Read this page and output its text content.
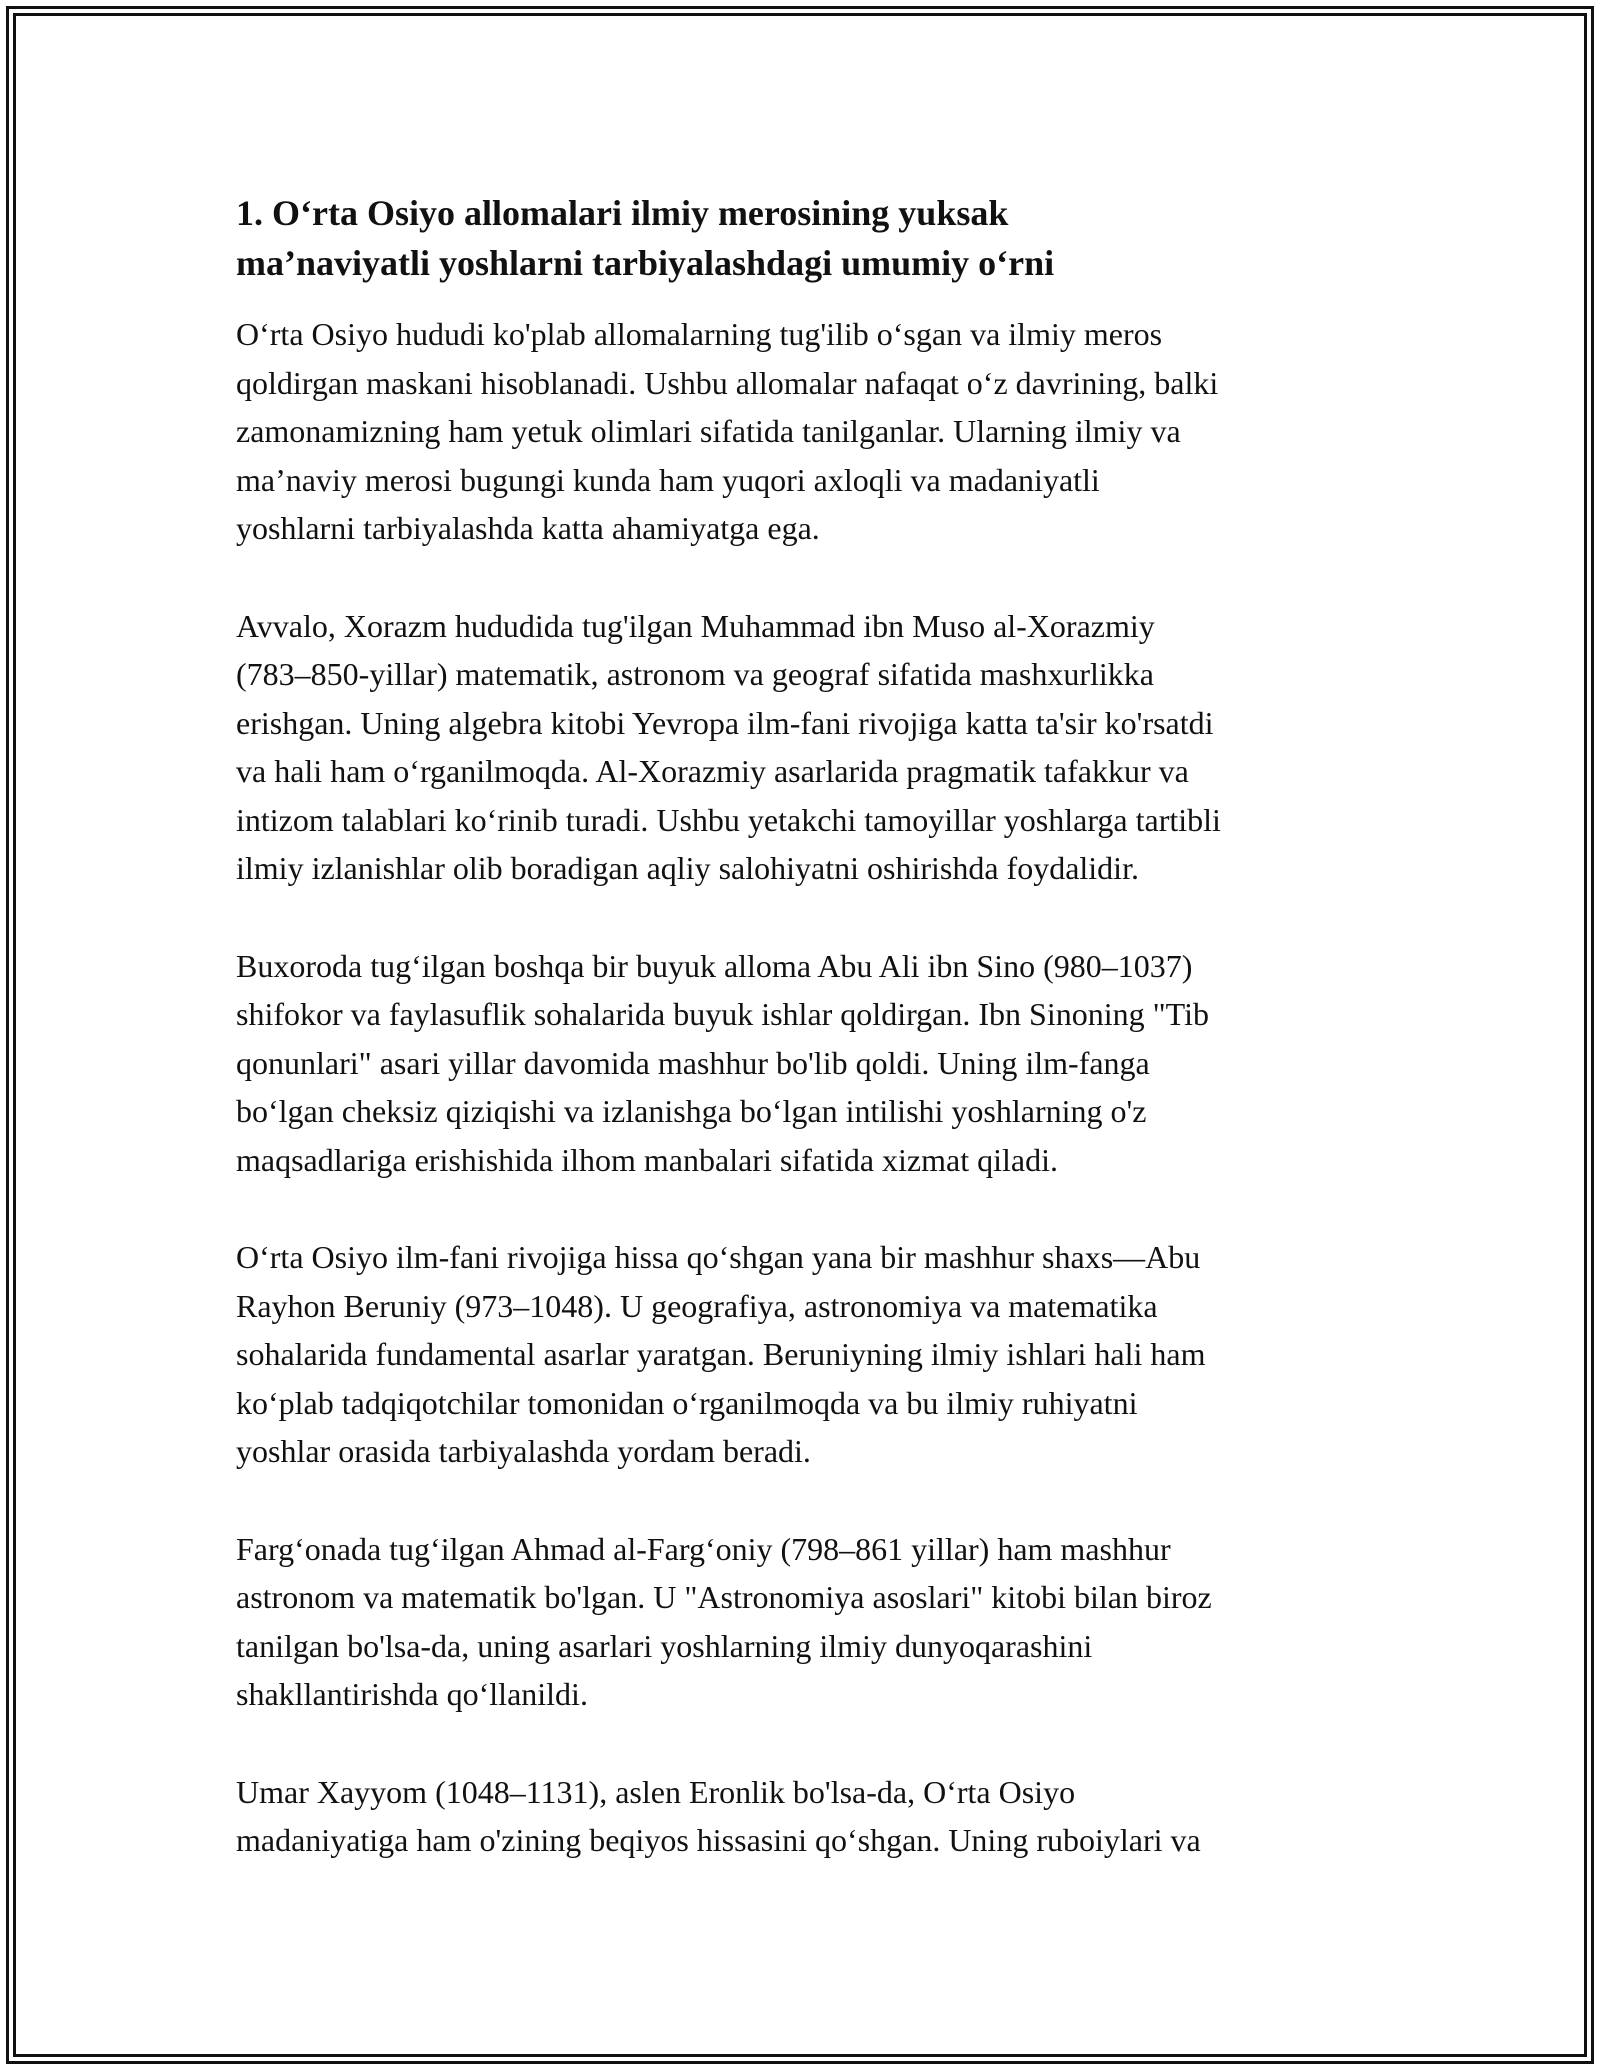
1. O‘rta Osiyo allomalari ilmiy merosining yuksak
ma’naviyatli yoshlarni tarbiyalashdagi umumiy o‘rni

O‘rta Osiyo hududi ko'plab allomalarning tug'ilib o‘sgan va ilmiy meros
qoldirgan maskani hisoblanadi. Ushbu allomalar nafaqat o‘z davrining, balki
zamonamizning ham yetuk olimlari sifatida tanilganlar. Ularning ilmiy va
ma’naviy merosi bugungi kunda ham yuqori axloqli va madaniyatli
yoshlarni tarbiyalashda katta ahamiyatga ega.

Avvalo, Xorazm hududida tug'ilgan Muhammad ibn Muso al-Xorazmiy
(783–850-yillar) matematik, astronom va geograf sifatida mashxurlikka
erishgan. Uning algebra kitobi Yevropa ilm-fani rivojiga katta ta'sir ko'rsatdi
va hali ham o‘rganilmoqda. Al-Xorazmiy asarlarida pragmatik tafakkur va
intizom talablari ko‘rinib turadi. Ushbu yetakchi tamoyillar yoshlarga tartibli
ilmiy izlanishlar olib boradigan aqliy salohiyatni oshirishda foydalidir.

Buxoroda tug‘ilgan boshqa bir buyuk alloma Abu Ali ibn Sino (980–1037)
shifokor va faylasuflik sohalarida buyuk ishlar qoldirgan. Ibn Sinoning "Tib
qonunlari" asari yillar davomida mashhur bo'lib qoldi. Uning ilm-fanga
bo‘lgan cheksiz qiziqishi va izlanishga bo‘lgan intilishi yoshlarning o'z
maqsadlariga erishishida ilhom manbalari sifatida xizmat qiladi.

O‘rta Osiyo ilm-fani rivojiga hissa qo‘shgan yana bir mashhur shaxs—Abu
Rayhon Beruniy (973–1048). U geografiya, astronomiya va matematika
sohalarida fundamental asarlar yaratgan. Beruniyning ilmiy ishlari hali ham
ko‘plab tadqiqotchilar tomonidan o‘rganilmoqda va bu ilmiy ruhiyatni
yoshlar orasida tarbiyalashda yordam beradi.

Farg‘onada tug‘ilgan Ahmad al-Farg‘oniy (798–861 yillar) ham mashhur
astronom va matematik bo'lgan. U "Astronomiya asoslari" kitobi bilan biroz
tanilgan bo'lsa-da, uning asarlari yoshlarning ilmiy dunyoqarashini
shakllantirishda qo‘llanildi.

Umar Xayyom (1048–1131), aslen Eronlik bo'lsa-da, O‘rta Osiyo
madaniyatiga ham o'zining beqiyos hissasini qo‘shgan. Uning ruboiylari va
